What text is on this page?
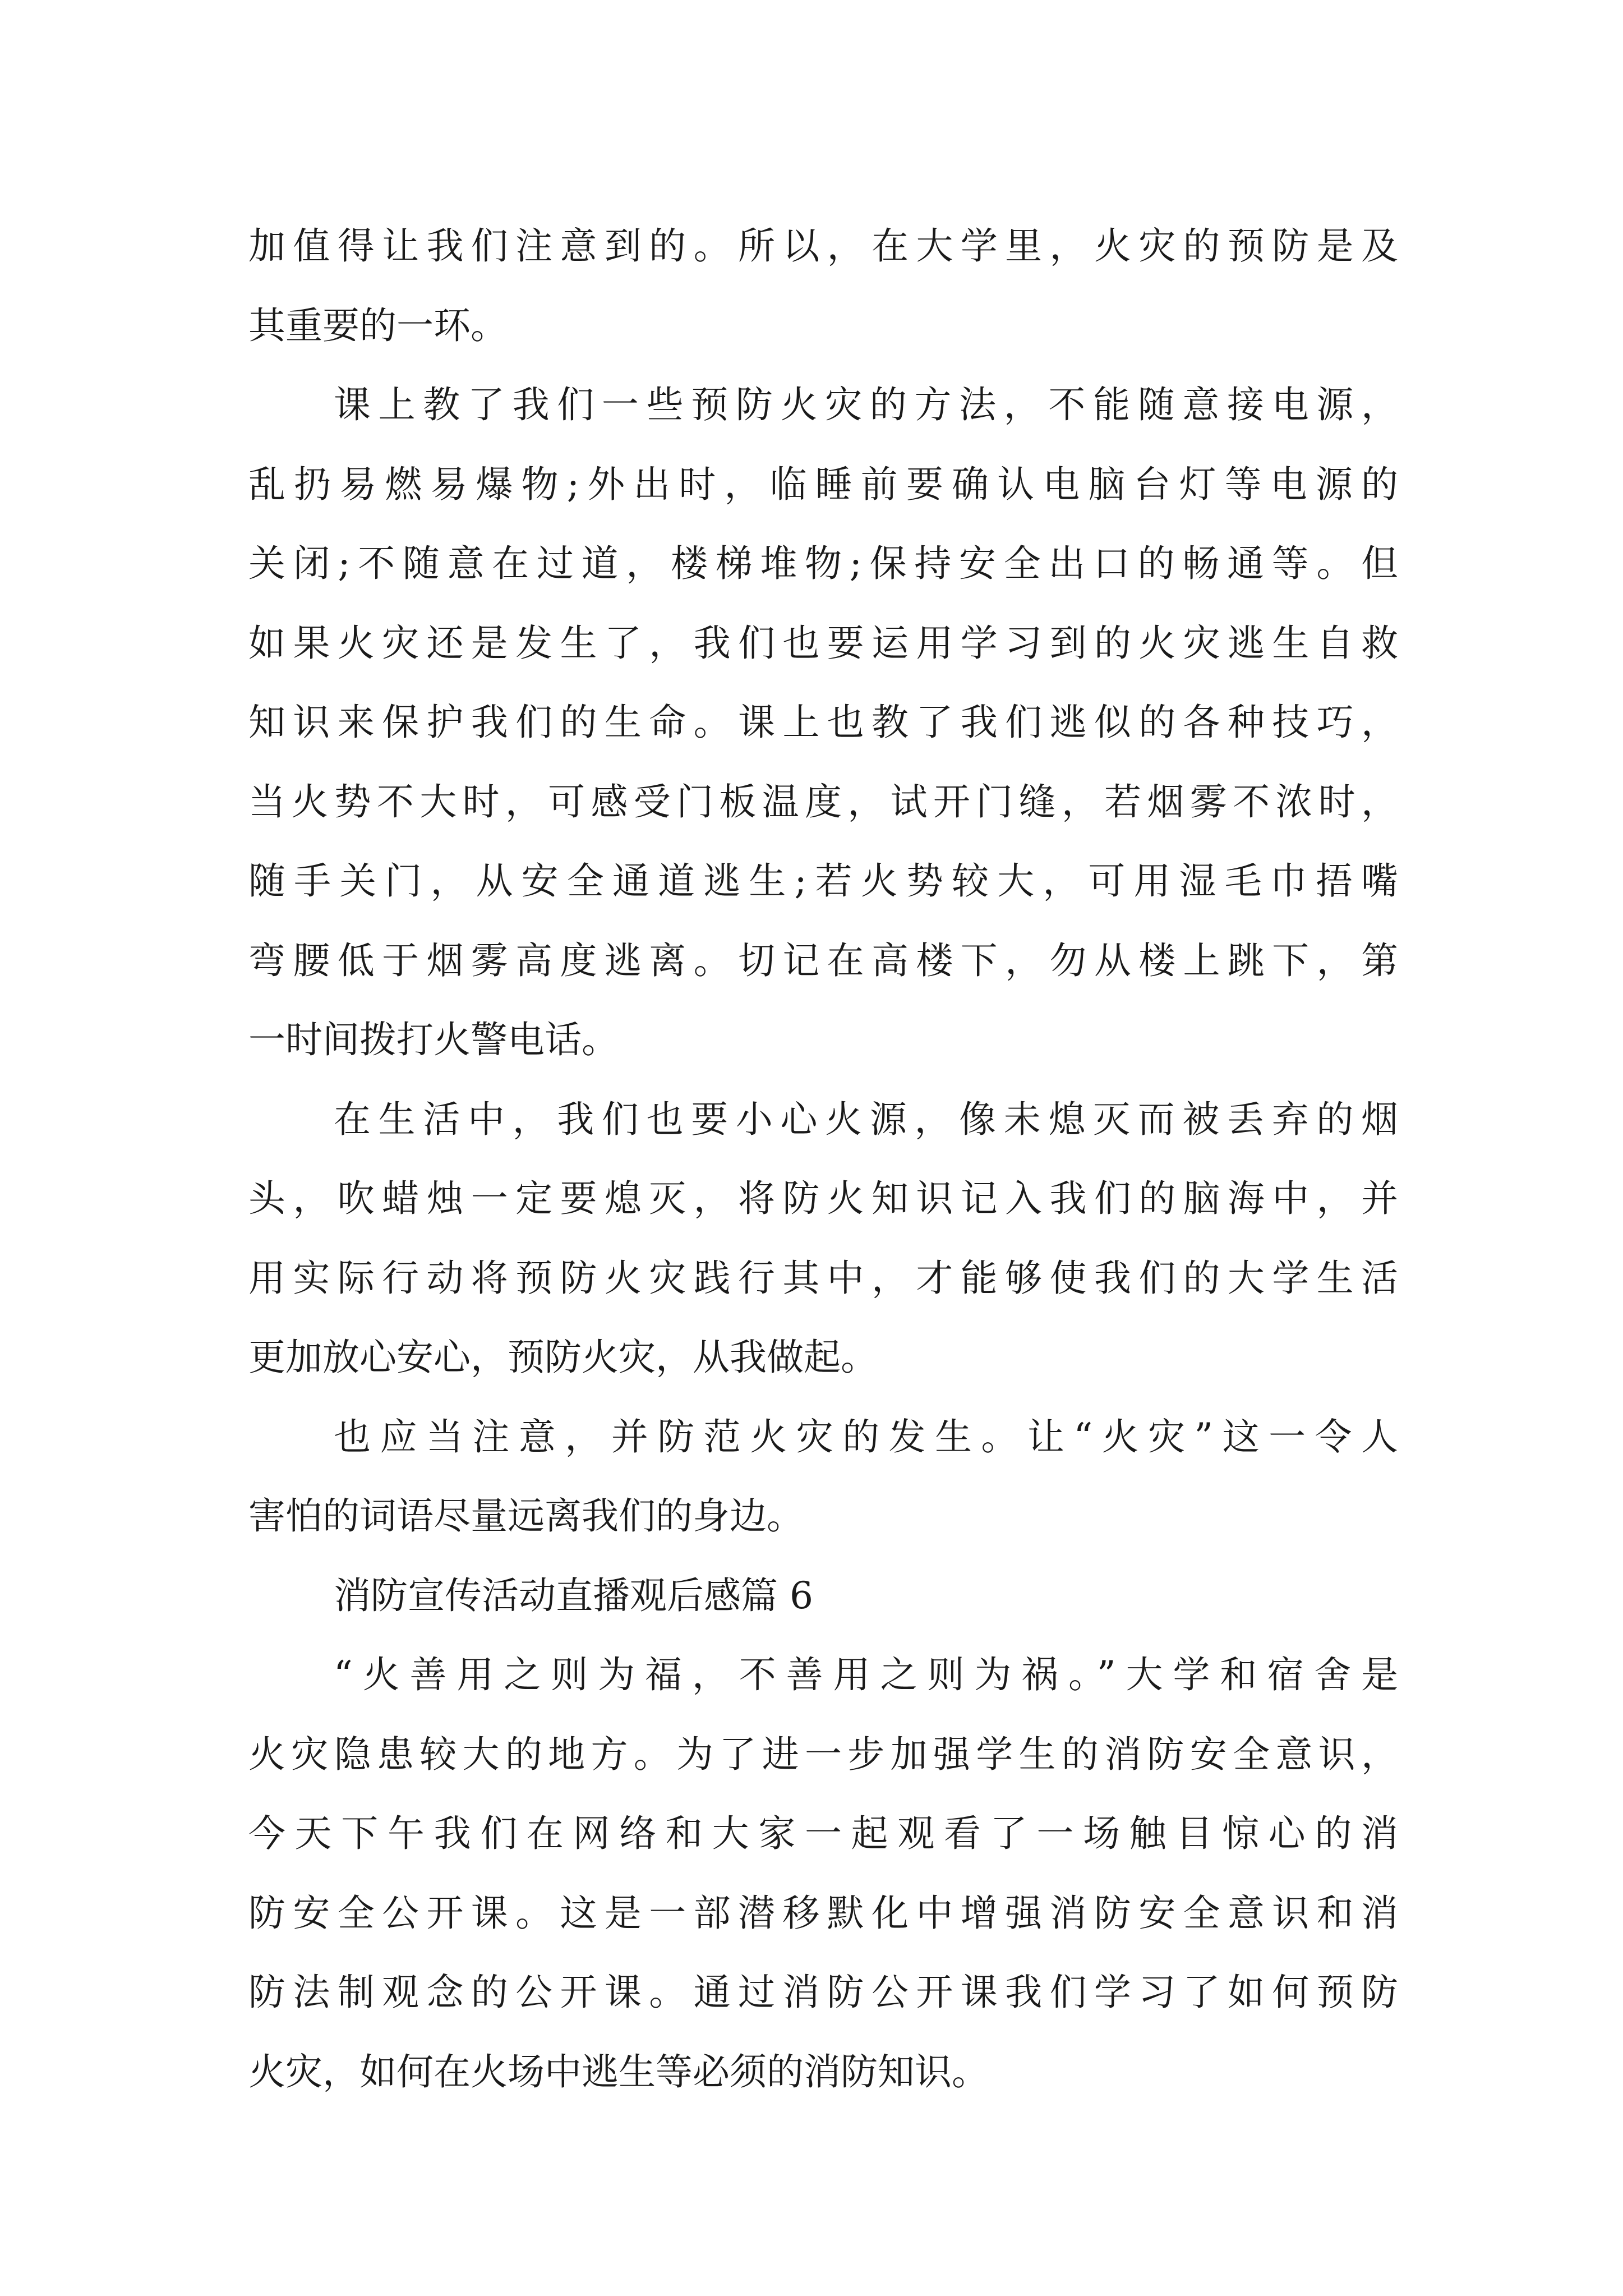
加值得让我们注意到的。所以，在大学里，火灾的预防是及
其重要的一环。
课上教了我们一些预防火灾的方法，不能随意接电源，
乱扔易燃易爆物;外出时，临睡前要确认电脑台灯等电源的
关闭;不随意在过道，楼梯堆物;保持安全出口的畅通等。但
如果火灾还是发生了，我们也要运用学习到的火灾逃生自救
知识来保护我们的生命。课上也教了我们逃似的各种技巧，
当火势不大时，可感受门板温度，试开门缝，若烟雾不浓时，
随手关门，从安全通道逃生;若火势较大，可用湿毛巾捂嘴
弯腰低于烟雾高度逃离。切记在高楼下，勿从楼上跳下，第
一时间拨打火警电话。
在生活中，我们也要小心火源，像未熄灭而被丢弃的烟
头，吹蜡烛一定要熄灭，将防火知识记入我们的脑海中，并
用实际行动将预防火灾践行其中，才能够使我们的大学生活
更加放心安心，预防火灾，从我做起。
也应当注意，并防范火灾的发生。让“火灾”这一令人
害怕的词语尽量远离我们的身边。
消防宣传活动直播观后感篇 6
“火善用之则为福，不善用之则为祸。”大学和宿舍是
火灾隐患较大的地方。为了进一步加强学生的消防安全意识，
今天下午我们在网络和大家一起观看了一场触目惊心的消
防安全公开课。这是一部潜移默化中增强消防安全意识和消
防法制观念的公开课。通过消防公开课我们学习了如何预防
火灾，如何在火场中逃生等必须的消防知识。
